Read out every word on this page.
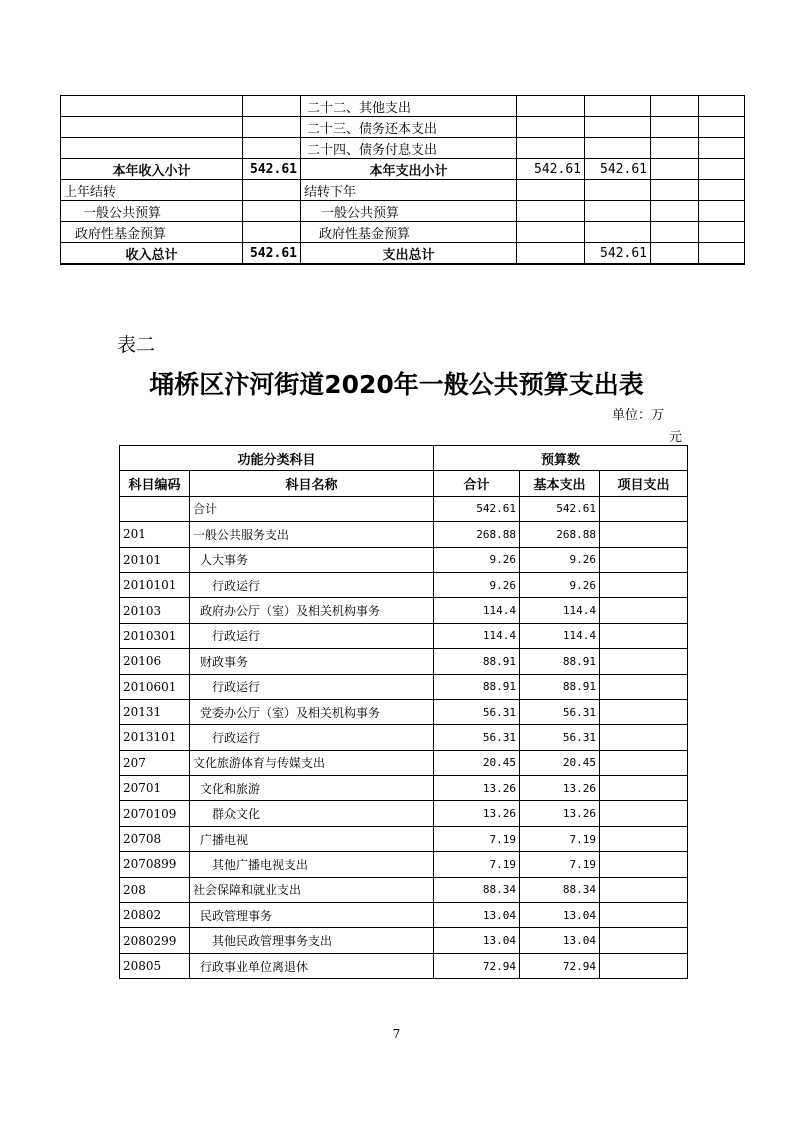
		二十二、其他支出				
		二十三、债务还本支出				
		二十四、债务付息支出				
本年收入小计	542.61	本年支出小计	542.61	542.61		
上年结转		结转下年				
一般公共预算		一般公共预算				
政府性基金预算		政府性基金预算				
收入总计	542.61	支出总计		542.61		
表二
埇桥区汴河街道2020年一般公共预算支出表
单位：万
元
功能分类科目		预算数		
科目编码	科目名称	合计	基本支出	项目支出
	合计	542.61	542.61	
201	一般公共服务支出	268.88	268.88	
20101	人大事务	9.26	9.26	
2010101	行政运行	9.26	9.26	
20103	政府办公厅（室）及相关机构事务	114.4	114.4	
2010301	行政运行	114.4	114.4	
20106	财政事务	88.91	88.91	
2010601	行政运行	88.91	88.91	
20131	党委办公厅（室）及相关机构事务	56.31	56.31	
2013101	行政运行	56.31	56.31	
207	文化旅游体育与传媒支出	20.45	20.45	
20701	文化和旅游	13.26	13.26	
2070109	群众文化	13.26	13.26	
20708	广播电视	7.19	7.19	
2070899	其他广播电视支出	7.19	7.19	
208	社会保障和就业支出	88.34	88.34	
20802	民政管理事务	13.04	13.04	
2080299	其他民政管理事务支出	13.04	13.04	
20805	行政事业单位离退休	72.94	72.94	
7
